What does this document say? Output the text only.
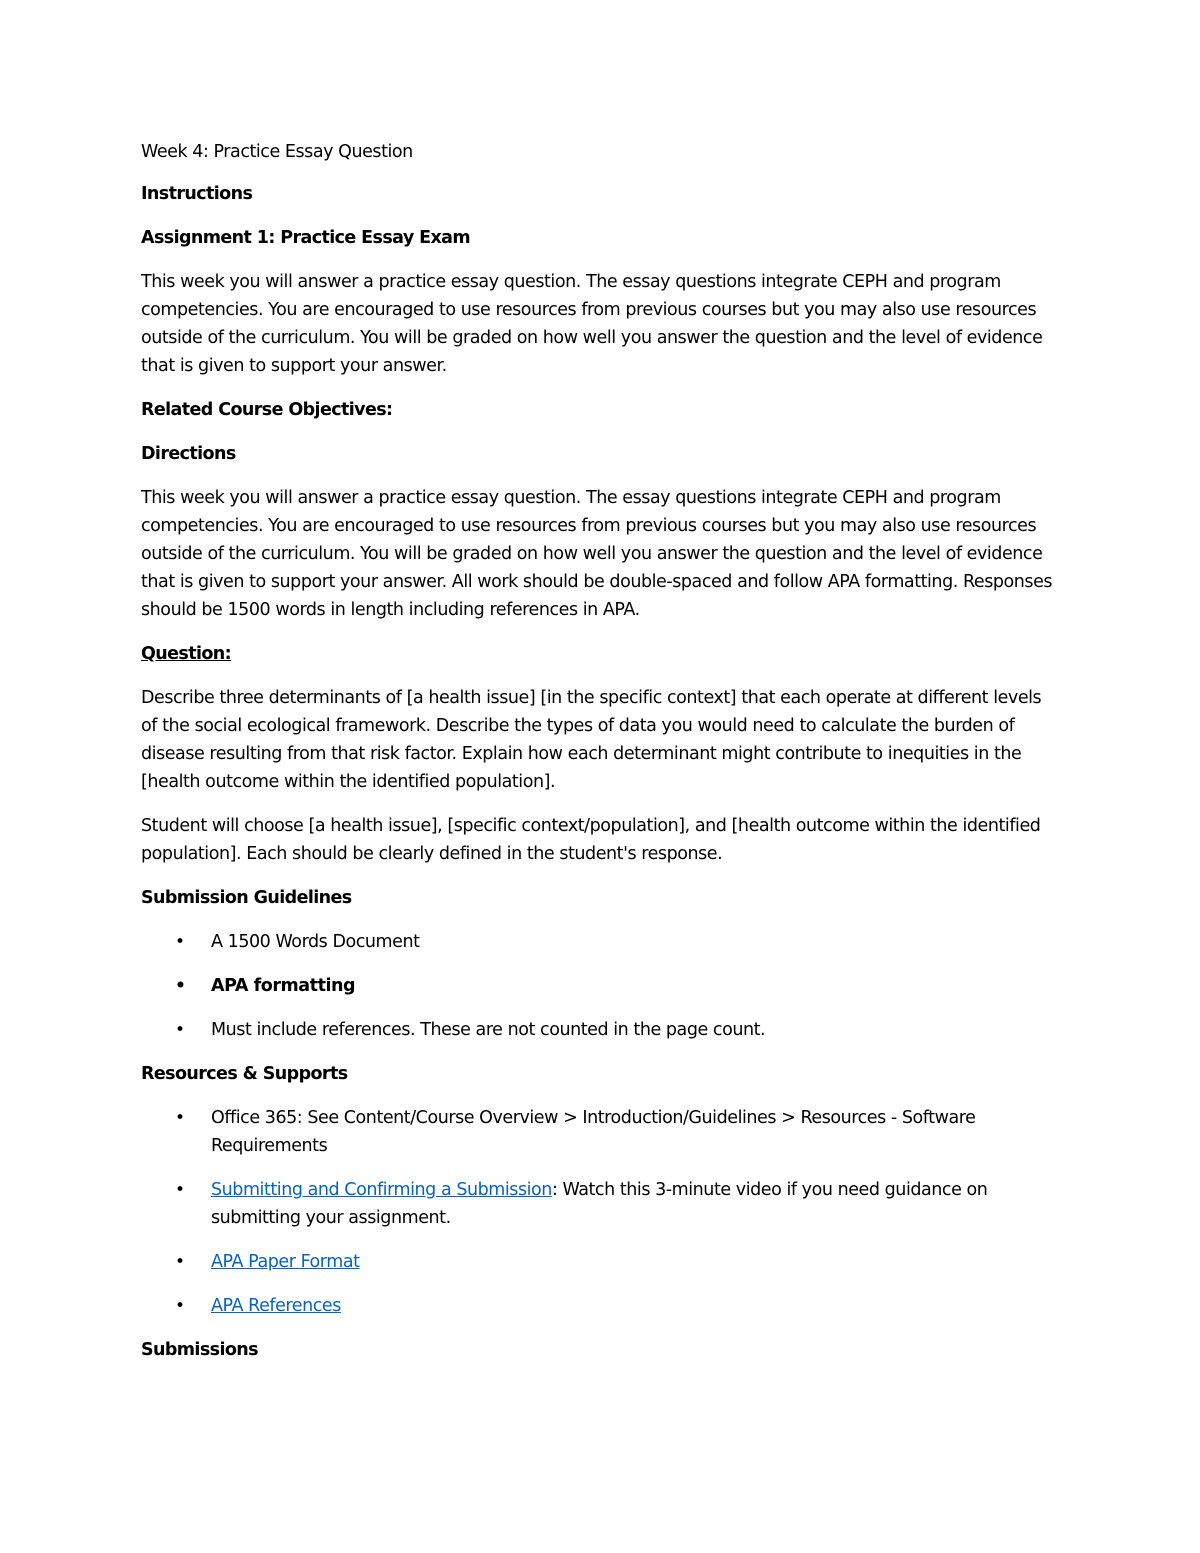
Week 4: Practice Essay Question

Instructions

Assignment 1: Practice Essay Exam

This week you will answer a practice essay question. The essay questions integrate CEPH and program competencies. You are encouraged to use resources from previous courses but you may also use resources outside of the curriculum. You will be graded on how well you answer the question and the level of evidence that is given to support your answer.

Related Course Objectives:

Directions

This week you will answer a practice essay question. The essay questions integrate CEPH and program competencies. You are encouraged to use resources from previous courses but you may also use resources outside of the curriculum. You will be graded on how well you answer the question and the level of evidence that is given to support your answer. All work should be double-spaced and follow APA formatting. Responses should be 1500 words in length including references in APA.

Question:

Describe three determinants of [a health issue] [in the specific context] that each operate at different levels of the social ecological framework. Describe the types of data you would need to calculate the burden of disease resulting from that risk factor. Explain how each determinant might contribute to inequities in the [health outcome within the identified population].

Student will choose [a health issue], [specific context/population], and [health outcome within the identified population]. Each should be clearly defined in the student's response.

Submission Guidelines

• A 1500 Words Document
• APA formatting
• Must include references. These are not counted in the page count.

Resources & Supports

• Office 365: See Content/Course Overview > Introduction/Guidelines > Resources - Software Requirements
• Submitting and Confirming a Submission: Watch this 3-minute video if you need guidance on submitting your assignment.
• APA Paper Format
• APA References

Submissions
